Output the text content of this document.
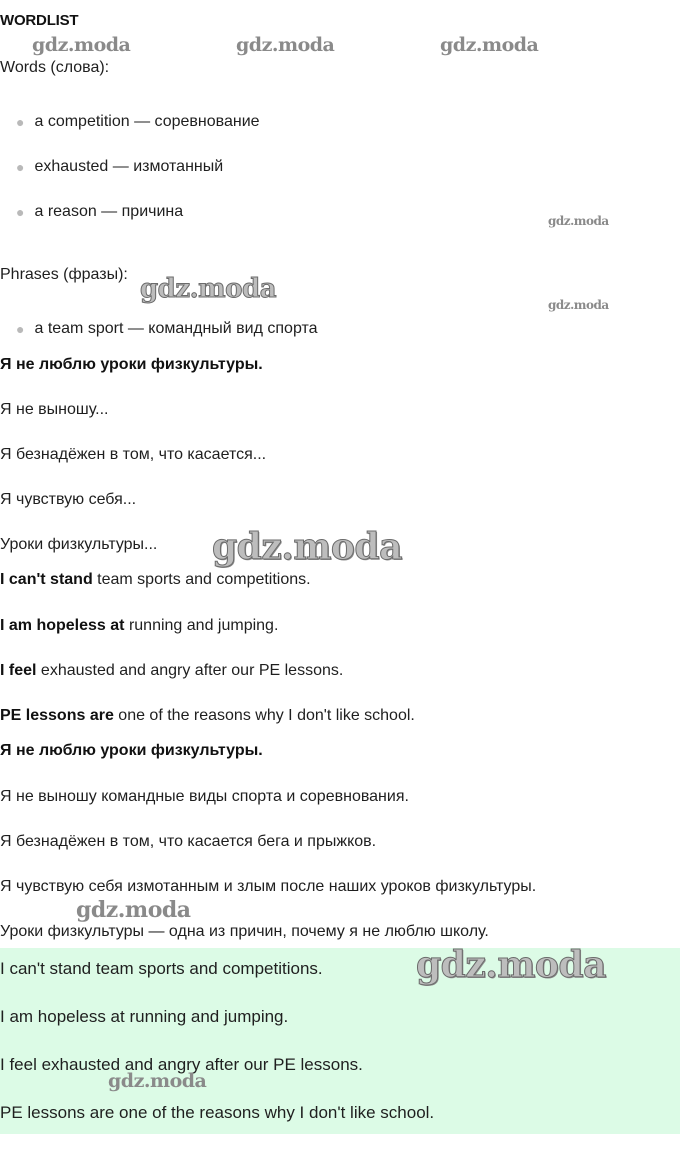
WORDLIST
Words (слова):
● a competition — соревнование
● exhausted — измотанный
● a reason — причина
Phrases (фразы):
● a team sport — командный вид спорта
Я не люблю уроки физкультуры.
Я не выношу...
Я безнадёжен в том, что касается...
Я чувствую себя...
Уроки физкультуры...
I can't stand team sports and competitions.
I am hopeless at running and jumping.
I feel exhausted and angry after our PE lessons.
PE lessons are one of the reasons why I don't like school.
Я не люблю уроки физкультуры.
Я не выношу командные виды спорта и соревнования.
Я безнадёжен в том, что касается бега и прыжков.
Я чувствую себя измотанным и злым после наших уроков физкультуры.
Уроки физкультуры — одна из причин, почему я не люблю школу.
I can't stand team sports and competitions.
I am hopeless at running and jumping.
I feel exhausted and angry after our PE lessons.
PE lessons are one of the reasons why I don't like school.
gdz.moda	gdz.moda	gdz.moda
gdz.moda
gdz.moda
gdz.moda
gdz.moda
gdz.moda
gdz.moda
gdz.moda
